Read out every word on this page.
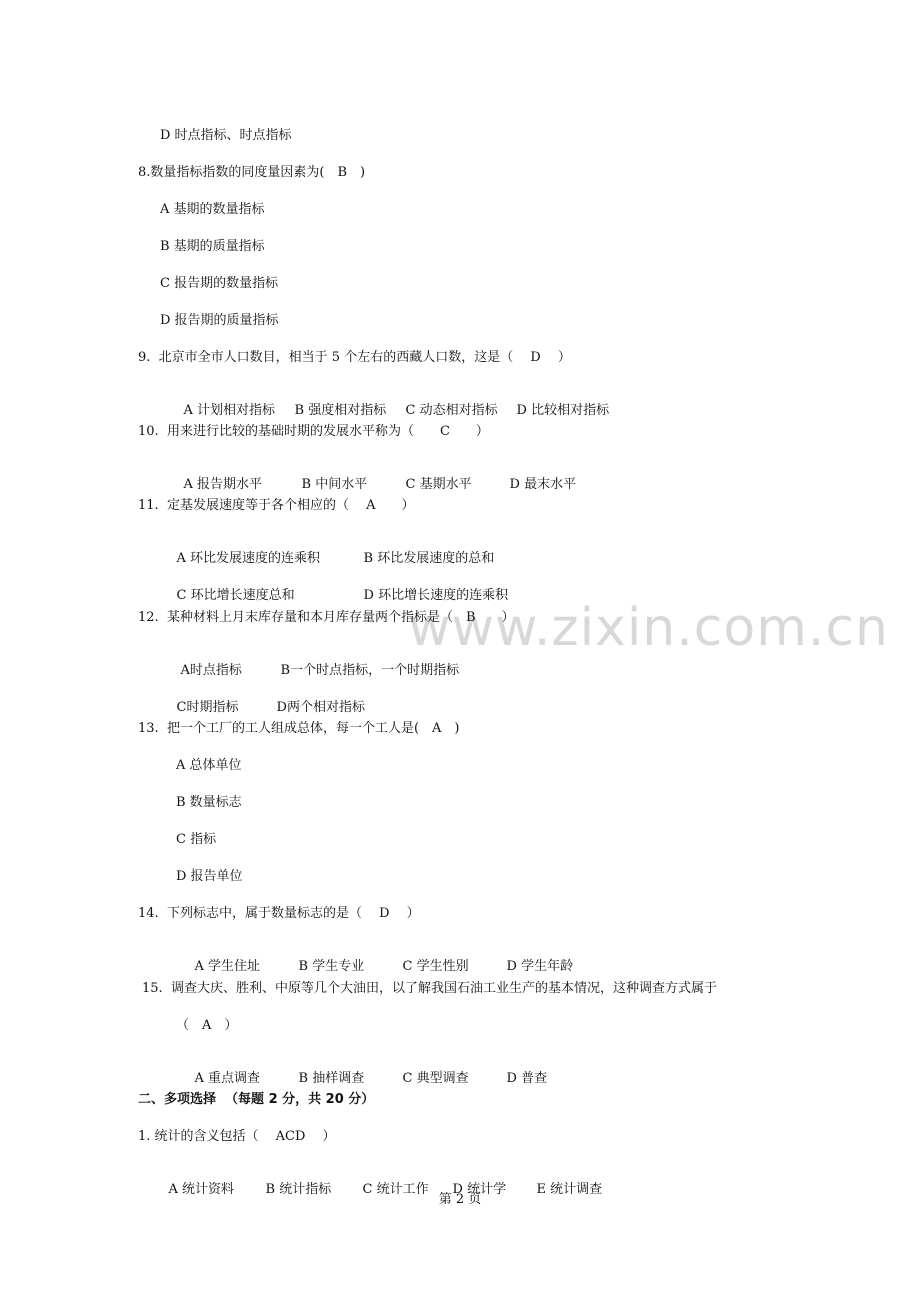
www.zixin.com.cn
D 时点指标、时点指标
8.数量指标指数的同度量因素为(　B　)
A 基期的数量指标
B 基期的质量指标
C 报告期的数量指标
D 报告期的质量指标
9.  北京市全市人口数目，相当于 5 个左右的西藏人口数，这是（　 D　 ）

A 计划相对指标 B 强度相对指标 C 动态相对指标 D 比较相对指标

10.  用来进行比较的基础时期的发展水平称为（　　C　　）

A 报告期水平	B 中间水平	C 基期水平	D 最末水平

11.  定基发展速度等于各个相应的（　 A　　）

A 环比发展速度的连乘积	B 环比发展速度的总和

C 环比增长速度总和	D 环比增长速度的连乘积

12.  某种材料上月末库存量和本月库存量两个指标是（　B　　）

A时点指标	B一个时点指标，一个时期指标

C时期指标	D两个相对指标

13.  把一个工厂的工人组成总体，每一个工人是(　A　)
A 总体单位
B 数量标志
C 指标
D 报告单位
14.  下列标志中，属于数量标志的是（　 D　 ）

A 学生住址	B 学生专业	C 学生性别	D 学生年龄

15.  调查大庆、胜利、中原等几个大油田，以了解我国石油工业生产的基本情况，这种调查方式属于
（　A　）

A 重点调查	B 抽样调查	C 典型调查	D 普查

二、多项选择  （每题 2 分，共 20 分）
1. 统计的含义包括（　 ACD　 ）

A 统计资料 B 统计指标 C 统计工作 D 统计学 E 统计调查

第 2 页
